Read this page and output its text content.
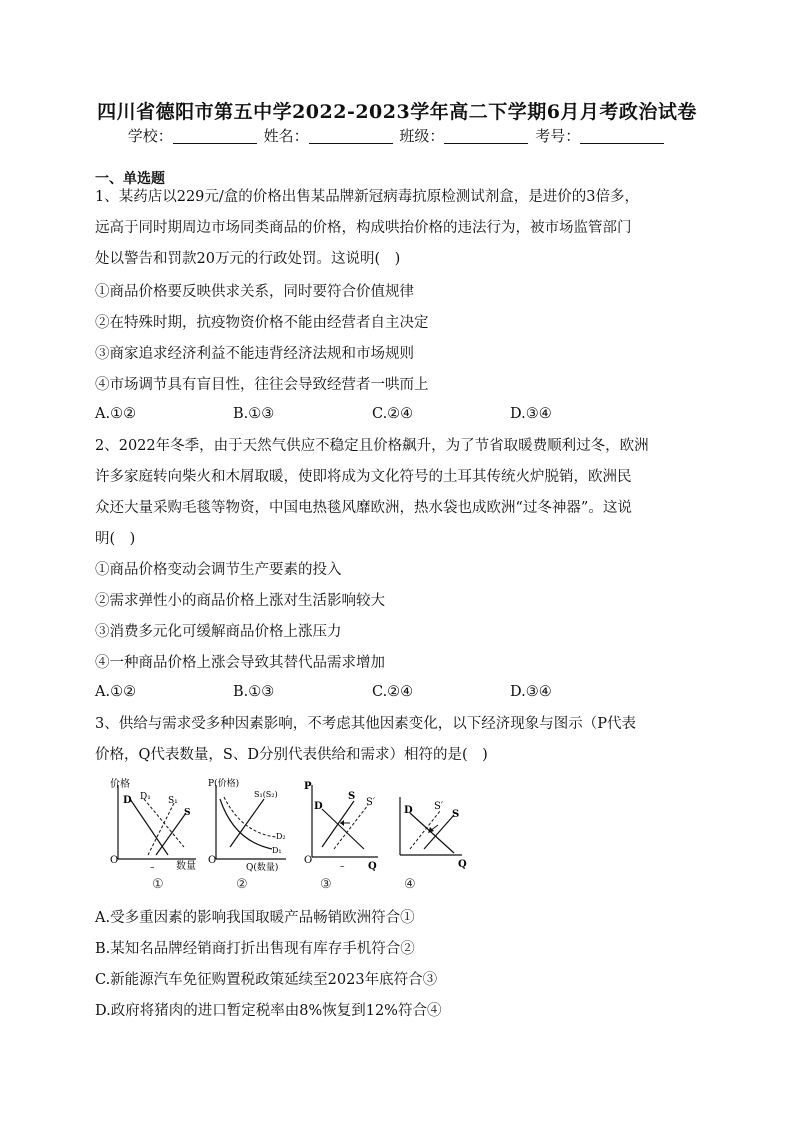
四川省德阳市第五中学2022-2023学年高二下学期6月月考政治试卷
学校：	姓名：	班级：	考号：
一、单选题
1、某药店以229元/盒的价格出售某品牌新冠病毒抗原检测试剂盒，是进价的3倍多，
远高于同时期周边市场同类商品的价格，构成哄抬价格的违法行为，被市场监管部门
处以警告和罚款20万元的行政处罚。这说明(　)
①商品价格要反映供求关系，同时要符合价值规律
②在特殊时期，抗疫物资价格不能由经营者自主决定
③商家追求经济利益不能违背经济法规和市场规则
④市场调节具有盲目性，往往会导致经营者一哄而上
A.①②	B.①③	C.②④	D.③④
2、2022年冬季，由于天然气供应不稳定且价格飙升，为了节省取暖费顺利过冬，欧洲
许多家庭转向柴火和木屑取暖，使即将成为文化符号的土耳其传统火炉脱销，欧洲民
众还大量采购毛毯等物资，中国电热毯风靡欧洲，热水袋也成欧洲“过冬神器”。这说
明(　)
①商品价格变动会调节生产要素的投入
②需求弹性小的商品价格上涨对生活影响较大
③消费多元化可缓解商品价格上涨压力
④一种商品价格上涨会导致其替代品需求增加
A.①②	B.①③	C.②④	D.③④
3、供给与需求受多种因素影响，不考虑其他因素变化，以下经济现象与图示（P代表
价格，Q代表数量，S、D分别代表供给和需求）相符的是(　)
价格
数量
O
D D₁ S₁
S
–
P(价格)
Q(数量)
O
S₁(S₂)
D₂
D₁
P
Q
O
D
S
S′
–
D S′
S
Q
①	②	③	④
A.受多重因素的影响我国取暖产品畅销欧洲符合①
B.某知名品牌经销商打折出售现有库存手机符合②
C.新能源汽车免征购置税政策延续至2023年底符合③
D.政府将猪肉的进口暂定税率由8%恢复到12%符合④
